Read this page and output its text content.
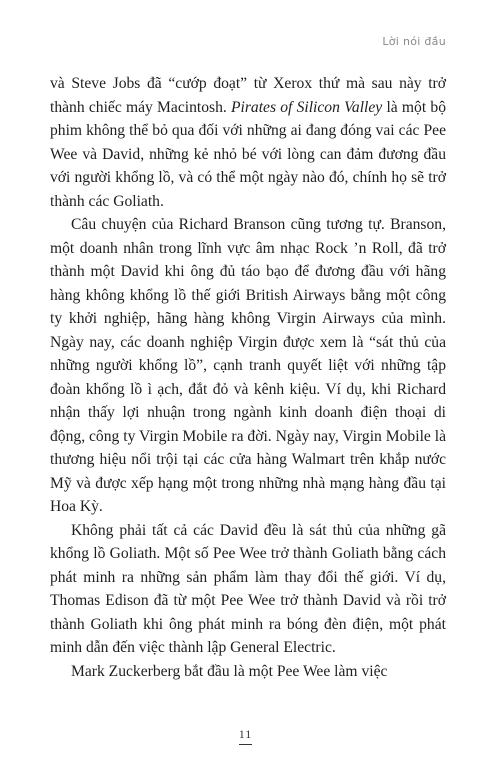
Lời nói đầu

và Steve Jobs đã “cướp đoạt” từ Xerox thứ mà sau này trở thành chiếc máy Macintosh. Pirates of Silicon Valley là một bộ phim không thể bỏ qua đối với những ai đang đóng vai các Pee Wee và David, những kẻ nhỏ bé với lòng can đảm đương đầu với người khổng lồ, và có thể một ngày nào đó, chính họ sẽ trở thành các Goliath.

Câu chuyện của Richard Branson cũng tương tự. Branson, một doanh nhân trong lĩnh vực âm nhạc Rock ’n Roll, đã trở thành một David khi ông đủ táo bạo để đương đầu với hãng hàng không khổng lồ thế giới British Airways bằng một công ty khởi nghiệp, hãng hàng không Virgin Airways của mình. Ngày nay, các doanh nghiệp Virgin được xem là “sát thủ của những người khổng lồ”, cạnh tranh quyết liệt với những tập đoàn khổng lồ ì ạch, đắt đỏ và kênh kiệu. Ví dụ, khi Richard nhận thấy lợi nhuận trong ngành kinh doanh điện thoại di động, công ty Virgin Mobile ra đời. Ngày nay, Virgin Mobile là thương hiệu nổi trội tại các cửa hàng Walmart trên khắp nước Mỹ và được xếp hạng một trong những nhà mạng hàng đầu tại Hoa Kỳ.

Không phải tất cả các David đều là sát thủ của những gã khổng lồ Goliath. Một số Pee Wee trở thành Goliath bằng cách phát minh ra những sản phẩm làm thay đổi thế giới. Ví dụ, Thomas Edison đã từ một Pee Wee trở thành David và rồi trở thành Goliath khi ông phát minh ra bóng đèn điện, một phát minh dẫn đến việc thành lập General Electric.

Mark Zuckerberg bắt đầu là một Pee Wee làm việc

11
